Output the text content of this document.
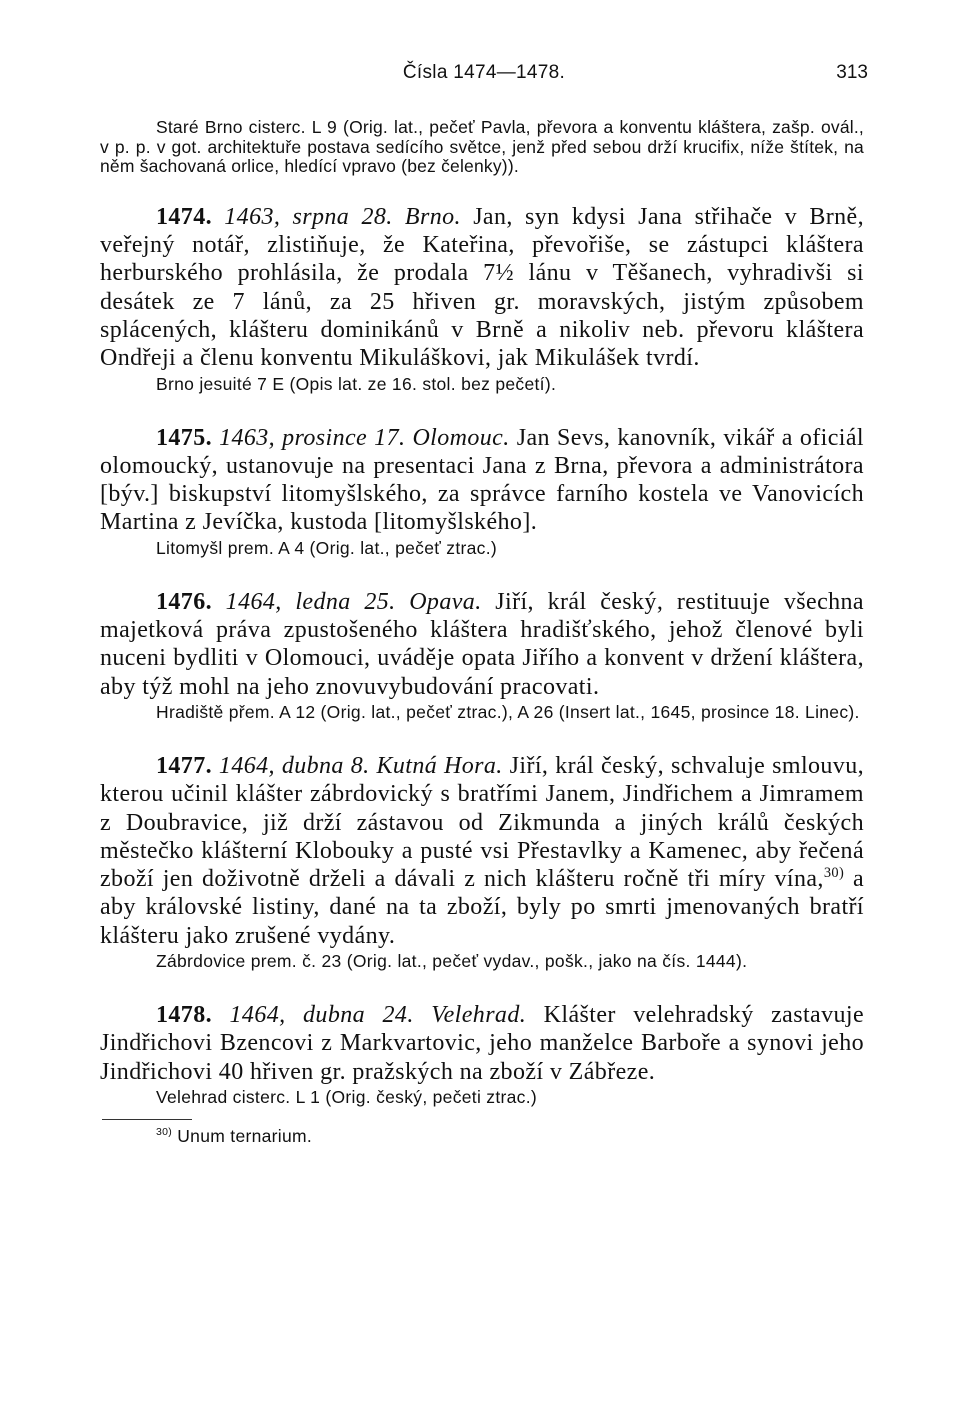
Čísla 1474—1478.	313

Staré Brno cisterc. L 9 (Orig. lat., pečeť Pavla, převora a konventu kláštera, zašp. ovál., v p. p. v got. architektuře postava sedícího světce, jenž před sebou drží krucifix, níže štítek, na něm šachovaná orlice, hledící vpravo (bez čelenky)).

1474. 1463, srpna 28. Brno. Jan, syn kdysi Jana střihače v Brně, veřejný notář, zlistiňuje, že Kateřina, převořiše, se zástupci kláštera herburského prohlásila, že prodala 7½ lánu v Těšanech, vyhradivši si desátek ze 7 lánů, za 25 hřiven gr. moravských, jistým způsobem splácených, klášteru dominikánů v Brně a nikoliv neb. převoru kláštera Ondřeji a členu konventu Mikuláškovi, jak Mikulášek tvrdí.

Brno jesuité 7 E (Opis lat. ze 16. stol. bez pečetí).

1475. 1463, prosince 17. Olomouc. Jan Sevs, kanovník, vikář a oficiál olomoucký, ustanovuje na presentaci Jana z Brna, převora a administrátora [býv.] biskupství litomyšlského, za správce farního kostela ve Vanovicích Martina z Jevíčka, kustoda [litomyšlského].

Litomyšl prem. A 4 (Orig. lat., pečeť ztrac.)

1476. 1464, ledna 25. Opava. Jiří, král český, restituuje všechna majetková práva zpustošeného kláštera hradišťského, jehož členové byli nuceni bydliti v Olomouci, uváděje opata Jiřího a konvent v držení kláštera, aby týž mohl na jeho znovuvybudování pracovati.

Hradiště přem. A 12 (Orig. lat., pečeť ztrac.), A 26 (Insert lat., 1645, prosince 18. Linec).

1477. 1464, dubna 8. Kutná Hora. Jiří, král český, schvaluje smlouvu, kterou učinil klášter zábrdovický s bratřími Janem, Jindřichem a Jimramem z Doubravice, již drží zástavou od Zikmunda a jiných králů českých městečko klášterní Klobouky a pusté vsi Přestavlky a Kamenec, aby řečená zboží jen doživotně drželi a dávali z nich klášteru ročně tři míry vína,$^{30)}$ a aby královské listiny, dané na ta zboží, byly po smrti jmenovaných bratří klášteru jako zrušené vydány.

Zábrdovice prem. č. 23 (Orig. lat., pečeť vydav., pošk., jako na čís. 1444).

1478. 1464, dubna 24. Velehrad. Klášter velehradský zastavuje Jindřichovi Bzencovi z Markvartovic, jeho manželce Barboře a synovi jeho Jindřichovi 40 hřiven gr. pražských na zboží v Zábřeze.

Velehrad cisterc. L 1 (Orig. český, pečeti ztrac.)

$^{30)}$ Unum ternarium.
